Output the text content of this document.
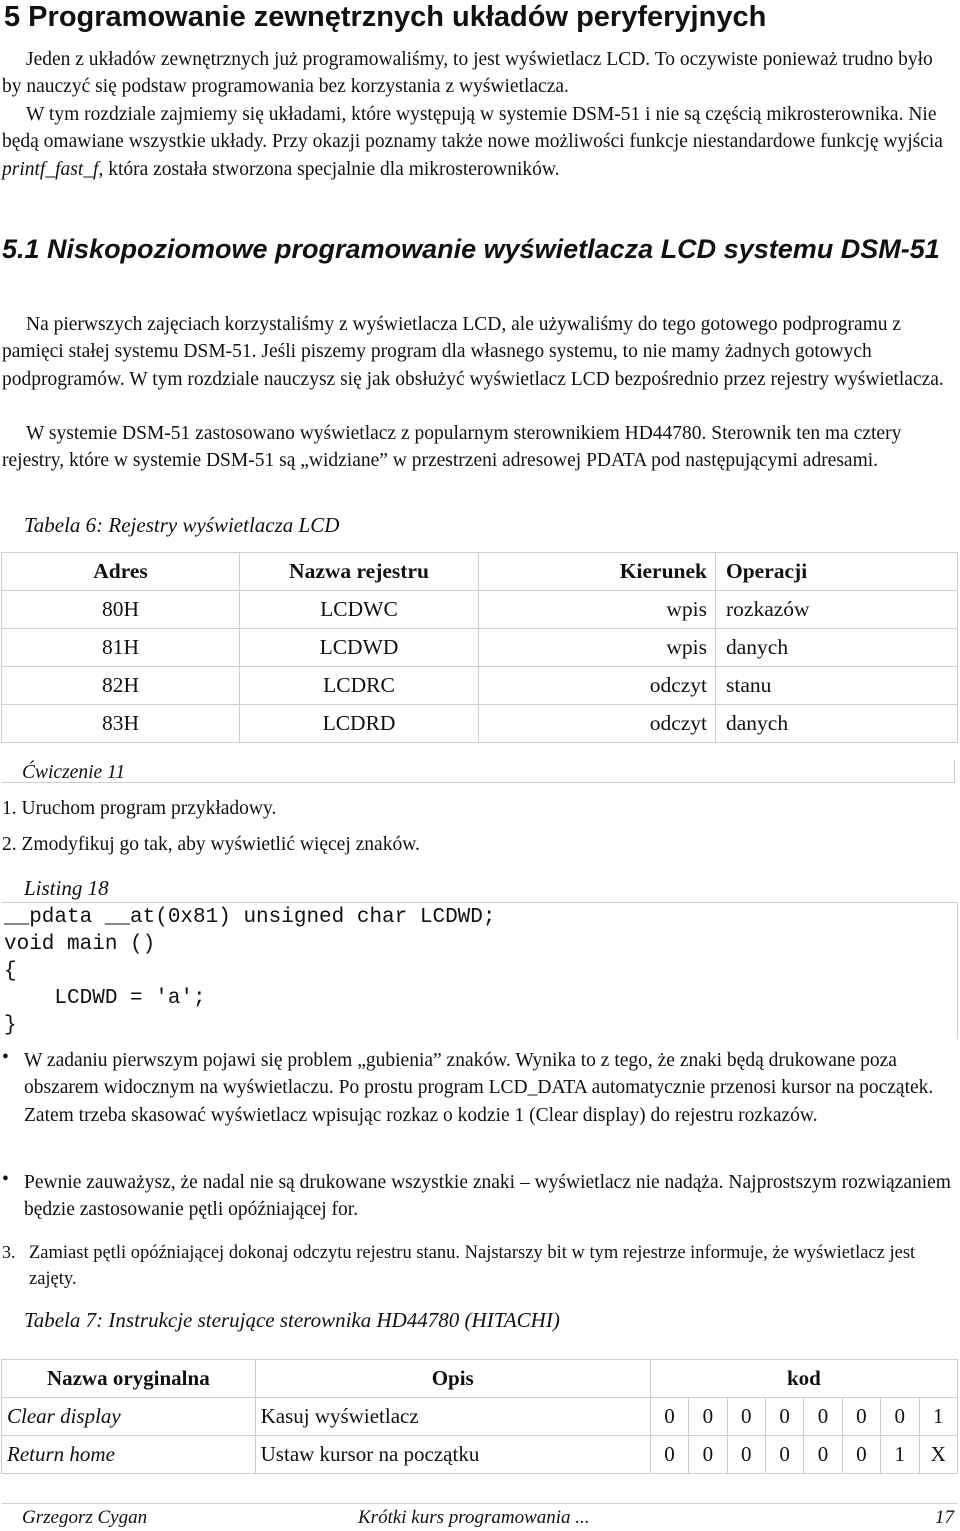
5 Programowanie zewnętrznych układów peryferyjnych
Jeden z układów zewnętrznych już programowaliśmy, to jest wyświetlacz LCD. To oczywiste ponieważ trudno było by nauczyć się podstaw programowania bez korzystania z wyświetlacza.
W tym rozdziale zajmiemy się układami, które występują w systemie DSM-51 i nie są częścią mikrosterownika. Nie będą omawiane wszystkie układy. Przy okazji poznamy także nowe możliwości funkcje niestandardowe funkcję wyjścia printf_fast_f, która została stworzona specjalnie dla mikrosterowników.
5.1 Niskopoziomowe programowanie wyświetlacza LCD systemu DSM-51
Na pierwszych zajęciach korzystaliśmy z wyświetlacza LCD, ale używaliśmy do tego gotowego podprogramu z pamięci stałej systemu DSM-51. Jeśli piszemy program dla własnego systemu, to nie mamy żadnych gotowych podprogramów. W tym rozdziale nauczysz się jak obsłużyć wyświetlacz LCD bezpośrednio przez rejestry wyświetlacza.
W systemie DSM-51 zastosowano wyświetlacz z popularnym sterownikiem HD44780. Sterownik ten ma cztery rejestry, które w systemie DSM-51 są „widziane” w przestrzeni adresowej PDATA pod następującymi adresami.
Tabela 6: Rejestry wyświetlacza LCD
Adres	Nazwa rejestru	Kierunek	Operacji
80H	LCDWC	wpis	rozkazów
81H	LCDWD	wpis	danych
82H	LCDRC	odczyt	stanu
83H	LCDRD	odczyt	danych
Ćwiczenie 11
1. Uruchom program przykładowy.
2. Zmodyfikuj go tak, aby wyświetlić więcej znaków.
Listing 18
__pdata __at(0x81) unsigned char LCDWD;
void main ()
{
LCDWD = 'a';
}
• W zadaniu pierwszym pojawi się problem „gubienia” znaków. Wynika to z tego, że znaki będą drukowane poza obszarem widocznym na wyświetlaczu. Po prostu program LCD_DATA automatycznie przenosi kursor na początek. Zatem trzeba skasować wyświetlacz wpisując rozkaz o kodzie 1 (Clear display) do rejestru rozkazów.
• Pewnie zauważysz, że nadal nie są drukowane wszystkie znaki – wyświetlacz nie nadąża. Najprostszym rozwiązaniem będzie zastosowanie pętli opóźniającej for.
3. Zamiast pętli opóźniającej dokonaj odczytu rejestru stanu. Najstarszy bit w tym rejestrze informuje, że wyświetlacz jest zajęty.
Tabela 7: Instrukcje sterujące sterownika HD44780 (HITACHI)
Nazwa oryginalna	Opis	kod							
Clear display	Kasuj wyświetlacz	0	0	0	0	0	0	0	1
Return home	Ustaw kursor na początku	0	0	0	0	0	0	1	X
Grzegorz Cygan	Krótki kurs programowania ...	17
